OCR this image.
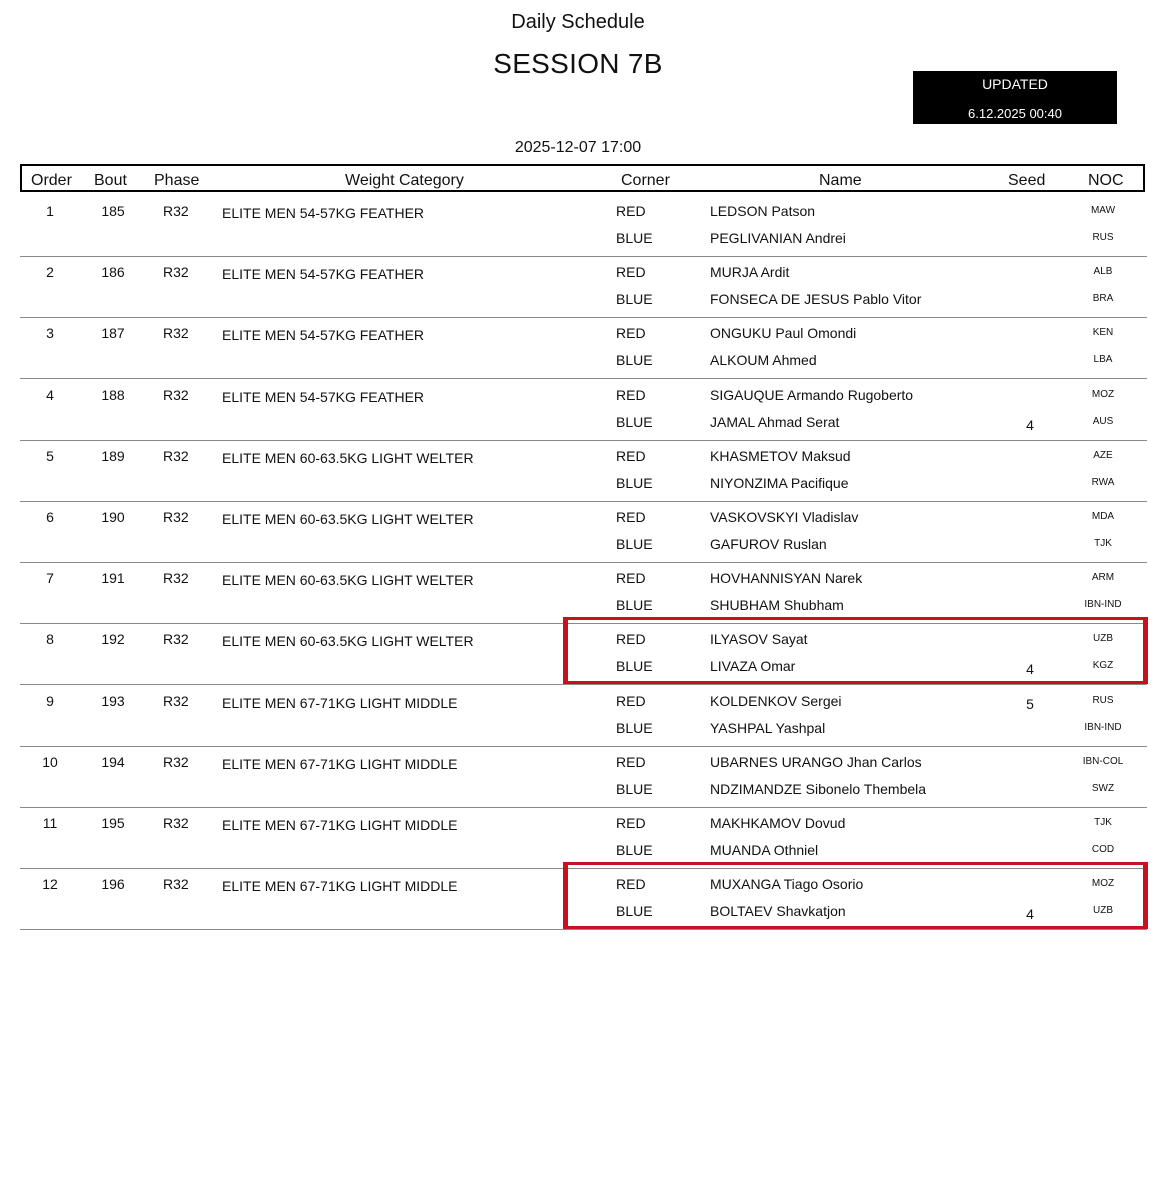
Daily Schedule
SESSION 7B
UPDATED
6.12.2025 00:40
2025-12-07 17:00
Order Bout Phase	Weight Category	Corner	Name	Seed	NOC
1	185	R32 ELITE MEN 54-57KG FEATHER	RED	LEDSON Patson	MAW
BLUE	PEGLIVANIAN Andrei	RUS
2	186	R32 ELITE MEN 54-57KG FEATHER	RED	MURJA Ardit	ALB
BLUE	FONSECA DE JESUS Pablo Vitor	BRA
3	187	R32 ELITE MEN 54-57KG FEATHER	RED	ONGUKU Paul Omondi	KEN
BLUE	ALKOUM Ahmed	LBA
4	188	R32 ELITE MEN 54-57KG FEATHER	RED	SIGAUQUE Armando Rugoberto	MOZ
BLUE	JAMAL Ahmad Serat	4	AUS
5	189	R32 ELITE MEN 60-63.5KG LIGHT WELTER	RED	KHASMETOV Maksud	AZE
BLUE	NIYONZIMA Pacifique	RWA
6	190	R32 ELITE MEN 60-63.5KG LIGHT WELTER	RED	VASKOVSKYI Vladislav	MDA
BLUE	GAFUROV Ruslan	TJK
7	191	R32 ELITE MEN 60-63.5KG LIGHT WELTER	RED	HOVHANNISYAN Narek	ARM
BLUE	SHUBHAM Shubham	IBN-IND
8	192	R32 ELITE MEN 60-63.5KG LIGHT WELTER	RED	ILYASOV Sayat	UZB
BLUE	LIVAZA Omar	4	KGZ
9	193	R32 ELITE MEN 67-71KG LIGHT MIDDLE	RED	KOLDENKOV Sergei	5	RUS
BLUE	YASHPAL Yashpal	IBN-IND
10	194	R32 ELITE MEN 67-71KG LIGHT MIDDLE	RED	UBARNES URANGO Jhan Carlos	IBN-COL
BLUE	NDZIMANDZE Sibonelo Thembela	SWZ
11	195	R32 ELITE MEN 67-71KG LIGHT MIDDLE	RED	MAKHKAMOV Dovud	TJK
BLUE	MUANDA Othniel	COD
12	196	R32 ELITE MEN 67-71KG LIGHT MIDDLE	RED	MUXANGA Tiago Osorio	MOZ
BLUE	BOLTAEV Shavkatjon	4	UZB
